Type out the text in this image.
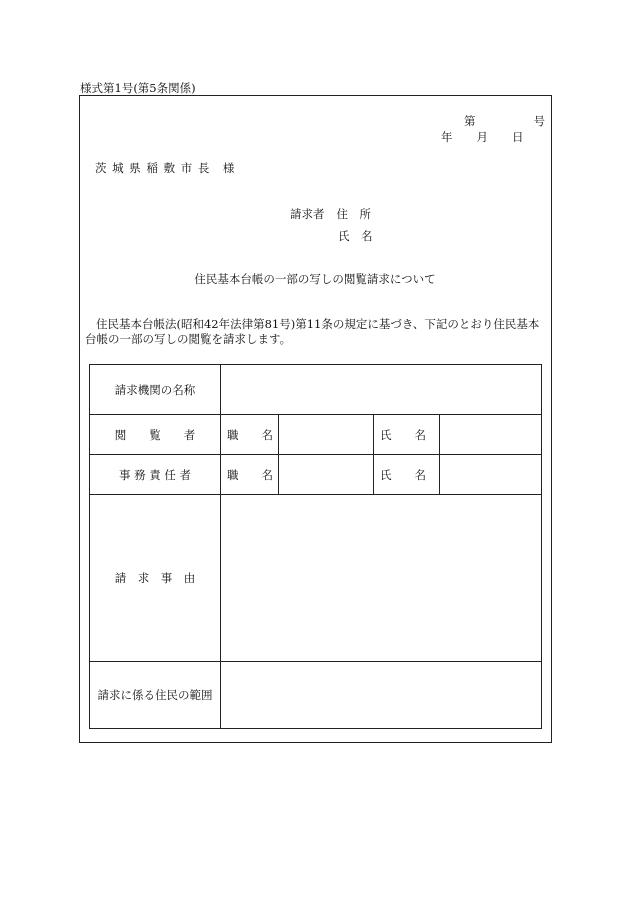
様式第1号(第5条関係)
第	号
年 月 日
茨 城 県 稲 敷 市 長　様
請求者 住　所
氏　名
住民基本台帳の一部の写しの閲覧請求について
住民基本台帳法(昭和42年法律第81号)第11条の規定に基づき、下記のとおり住民基本台帳の一部の写しの閲覧を請求します。
請求機関の名称				
閲　　覧　　者	職　　名		氏　　名	
事 務 責 任 者	職　　名		氏　　名	
請　求　事　由				
請求に係る住民の範囲				
